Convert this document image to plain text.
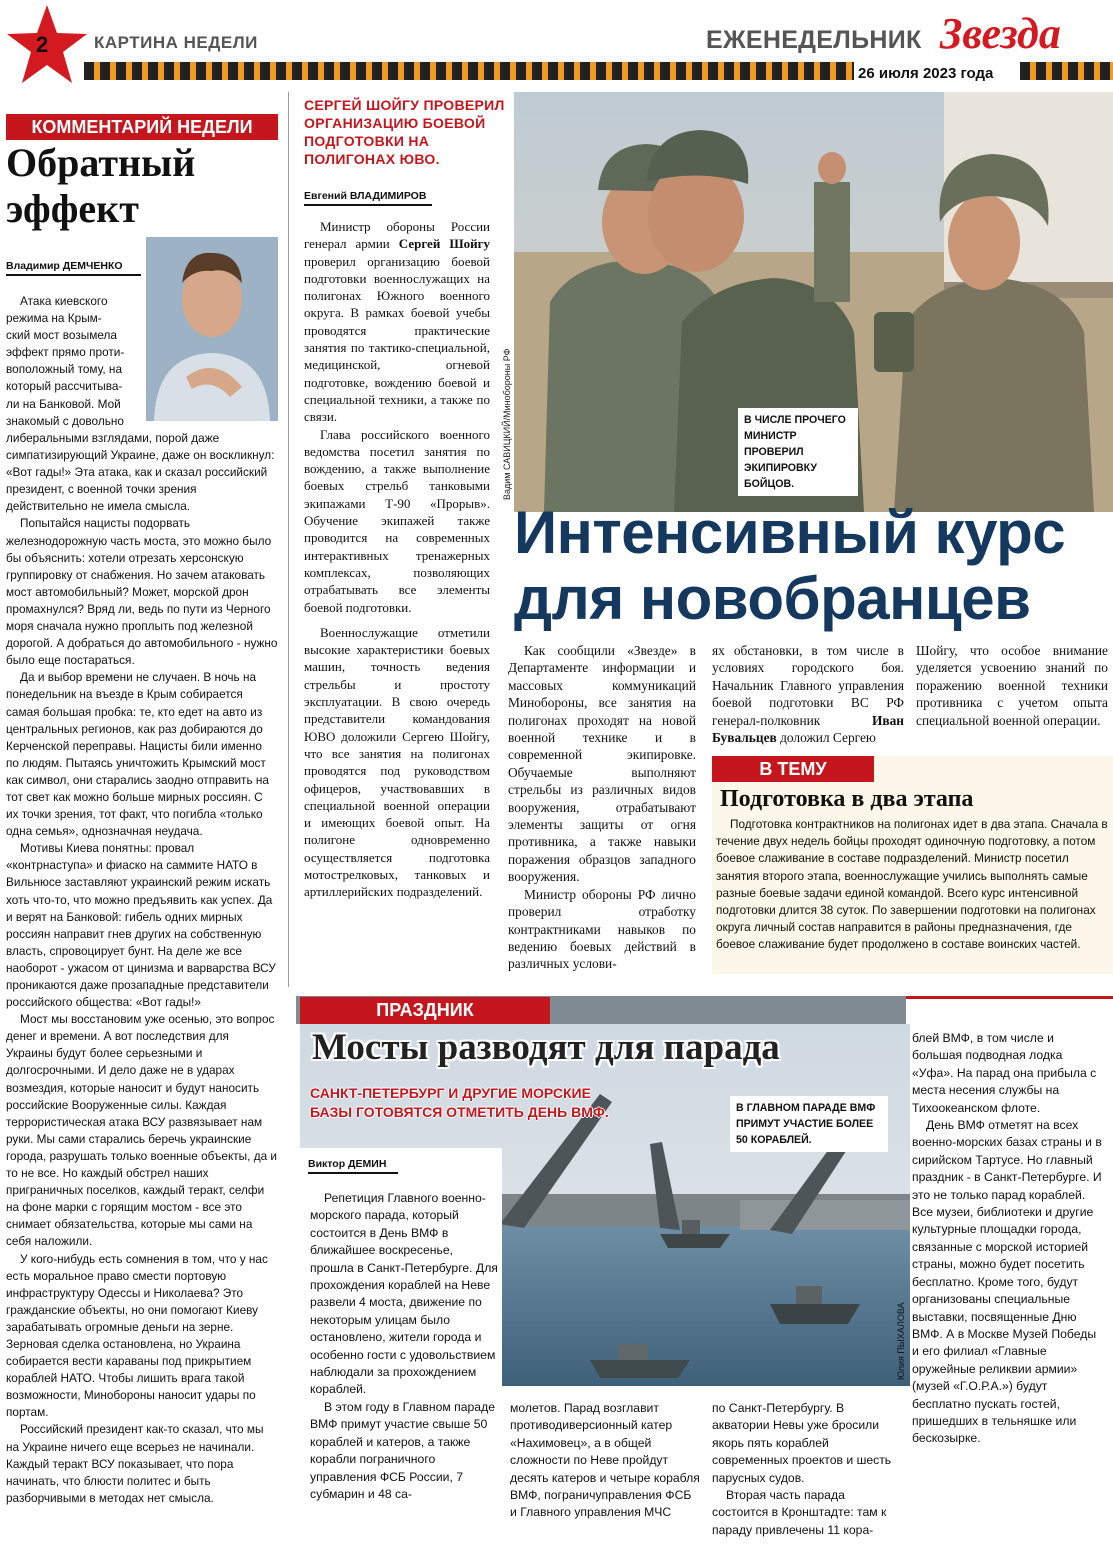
2	КАРТИНА НЕДЕЛИ	ЕЖЕНЕДЕЛЬНИК Звезда
26 июля 2023 года
КОММЕНТАРИЙ НЕДЕЛИ
Обратный
эффект
Владимир ДЕМЧЕНКО
Атака киевского
режима на Крым-
ский мост возымела
эффект прямо проти-
воположный тому, на
который рассчитыва-
ли на Банковой. Мой
знакомый с довольно

либеральными взглядами, порой даже симпатизирующий Украине, даже он воскликнул: «Вот гады!» Эта атака, как и сказал российский президент, с военной точки зрения действительно не имела смысла.

Попытайся нацисты подорвать железнодорожную часть моста, это можно было бы объяснить: хотели отрезать херсонскую группировку от снабжения. Но зачем атаковать мост автомобильный? Может, морской дрон промахнулся? Вряд ли, ведь по пути из Черного моря сначала нужно проплыть под железной дорогой. А добраться до автомобильного - нужно было еще постараться.

Да и выбор времени не случаен. В ночь на понедельник на въезде в Крым собирается самая большая пробка: те, кто едет на авто из центральных регионов, как раз добираются до Керченской переправы. Нацисты били именно по людям. Пытаясь уничтожить Крымский мост как символ, они старались заодно отправить на тот свет как можно больше мирных россиян. С их точки зрения, тот факт, что погибла «только одна семья», однозначная неудача.

Мотивы Киева понятны: провал «контрнаступа» и фиаско на саммите НАТО в Вильнюсе заставляют украинский режим искать хоть что-то, что можно предъявить как успех. Да и верят на Банковой: гибель одних мирных россиян направит гнев других на собственную власть, спровоцирует бунт. На деле же все наоборот - ужасом от цинизма и варварства ВСУ проникаются даже прозападные представители российского общества: «Вот гады!»

Мост мы восстановим уже осенью, это вопрос денег и времени. А вот последствия для Украины будут более серьезными и долгосрочными. И дело даже не в ударах возмездия, которые наносит и будут наносить российские Вооруженные силы. Каждая террористическая атака ВСУ развязывает нам руки. Мы сами старались беречь украинские города, разрушать только военные объекты, да и то не все. Но каждый обстрел наших приграничных поселков, каждый теракт, селфи на фоне марки с горящим мостом - все это снимает обязательства, которые мы сами на себя наложили.

У кого-нибудь есть сомнения в том, что у нас есть моральное право смести портовую инфраструктуру Одессы и Николаева? Это гражданские объекты, но они помогают Киеву зарабатывать огромные деньги на зерне. Зерновая сделка остановлена, но Украина собирается вести караваны под прикрытием кораблей НАТО. Чтобы лишить врага такой возможности, Минобороны наносит удары по портам.

Российский президент как-то сказал, что мы на Украине ничего еще всерьез не начинали. Каждый теракт ВСУ показывает, что пора начинать, что блюсти политес и быть разборчивыми в методах нет смысла.

СЕРГЕЙ ШОЙГУ ПРОВЕРИЛ ОРГАНИЗАЦИЮ БОЕВОЙ ПОДГОТОВКИ НА ПОЛИГОНАХ ЮВО.
Евгений ВЛАДИМИРОВ

Министр обороны России генерал армии Сергей Шойгу проверил организацию боевой подготовки военнослужащих на полигонах Южного военного округа. В рамках боевой учебы проводятся практические занятия по тактико-специальной, медицинской, огневой подготовке, вождению боевой и специальной техники, а также по связи.

Глава российского военного ведомства посетил занятия по вождению, а также выполнение боевых стрельб танковыми экипажами Т-90 «Прорыв». Обучение экипажей также проводится на современных интерактивных тренажерных комплексах, позволяющих отрабатывать все элементы боевой подготовки.

Военнослужащие отметили высокие характеристики боевых машин, точность ведения стрельбы и простоту эксплуатации. В свою очередь представители командования ЮВО доложили Сергею Шойгу, что все занятия на полигонах проводятся под руководством офицеров, участвовавших в специальной военной операции и имеющих боевой опыт. На полигоне одновременно осуществляется подготовка мотострелковых, танковых и артиллерийских подразделений.

Вадим САВИЦКИЙ/Минобороны РФ	В ЧИСЛЕ ПРОЧЕГО МИНИСТР ПРОВЕРИЛ ЭКИПИРОВКУ БОЙЦОВ.
Интенсивный курс
для новобранцев

Как сообщили «Звезде» в Департаменте информации и массовых коммуникаций Минобороны, все занятия на полигонах проходят на новой военной технике и в современной экипировке. Обучаемые выполняют стрельбы из различных видов вооружения, отрабатывают элементы защиты от огня противника, а также навыки поражения образцов западного вооружения.

Министр обороны РФ лично проверил отработку контрактниками навыков по ведению боевых действий в различных услови-

ях обстановки, в том числе в условиях городского боя. Начальник Главного управления боевой подготовки ВС РФ генерал-полковник Иван Бувальцев доложил Сергею

Шойгу, что особое внимание уделяется усвоению знаний по поражению военной техники противника с учетом опыта специальной военной операции.

В ТЕМУ
Подготовка в два этапа

Подготовка контрактников на полигонах идет в два этапа. Сначала в течение двух недель бойцы проходят одиночную подготовку, а потом боевое слаживание в составе подразделений. Министр посетил занятия второго этапа, военнослужащие учились выполнять самые разные боевые задачи единой командой. Всего курс интенсивной подготовки длится 38 суток. По завершении подготовки на полигонах округа личный состав направится в районы предназначения, где боевое слаживание будет продолжено в составе воинских частей.

ПРАЗДНИК
Мосты разводят для парада
САНКТ-ПЕТЕРБУРГ И ДРУГИЕ МОРСКИЕ БАЗЫ ГОТОВЯТСЯ ОТМЕТИТЬ ДЕНЬ ВМФ.	В ГЛАВНОМ ПАРАДЕ ВМФ ПРИМУТ УЧАСТИЕ БОЛЕЕ 50 КОРАБЛЕЙ.
Юлия ПЫХАЛОВА
Виктор ДЕМИН

Репетиция Главного военно-морского парада, который состоится в День ВМФ в ближайшее воскресенье, прошла в Санкт-Петербурге. Для прохождения кораблей на Неве развели 4 моста, движение по некоторым улицам было остановлено, жители города и особенно гости с удовольствием наблюдали за прохождением кораблей.

В этом году в Главном параде ВМФ примут участие свыше 50 кораблей и катеров, а также корабли пограничного управления ФСБ России, 7 субмарин и 48 са-

молетов. Парад возглавит противодиверсионный катер «Нахимовец», а в общей сложности по Неве пройдут десять катеров и четыре корабля ВМФ, пограничуправления ФСБ и Главного управления МЧС

по Санкт-Петербургу. В акватории Невы уже бросили якорь пять кораблей современных проектов и шесть парусных судов.

Вторая часть парада состоится в Кронштадте: там к параду привлечены 11 кора-

блей ВМФ, в том числе и большая подводная лодка «Уфа». На парад она прибыла с места несения службы на Тихоокеанском флоте.

День ВМФ отметят на всех военно-морских базах страны и в сирийском Тартусе. Но главный праздник - в Санкт-Петербурге. И это не только парад кораблей. Все музеи, библиотеки и другие культурные площадки города, связанные с морской историей страны, можно будет посетить бесплатно. Кроме того, будут организованы специальные выставки, посвященные Дню ВМФ. А в Москве Музей Победы и его филиал «Главные оружейные реликвии армии» (музей «Г.О.Р.А.») будут бесплатно пускать гостей, пришедших в тельняшке или бескозырке.
